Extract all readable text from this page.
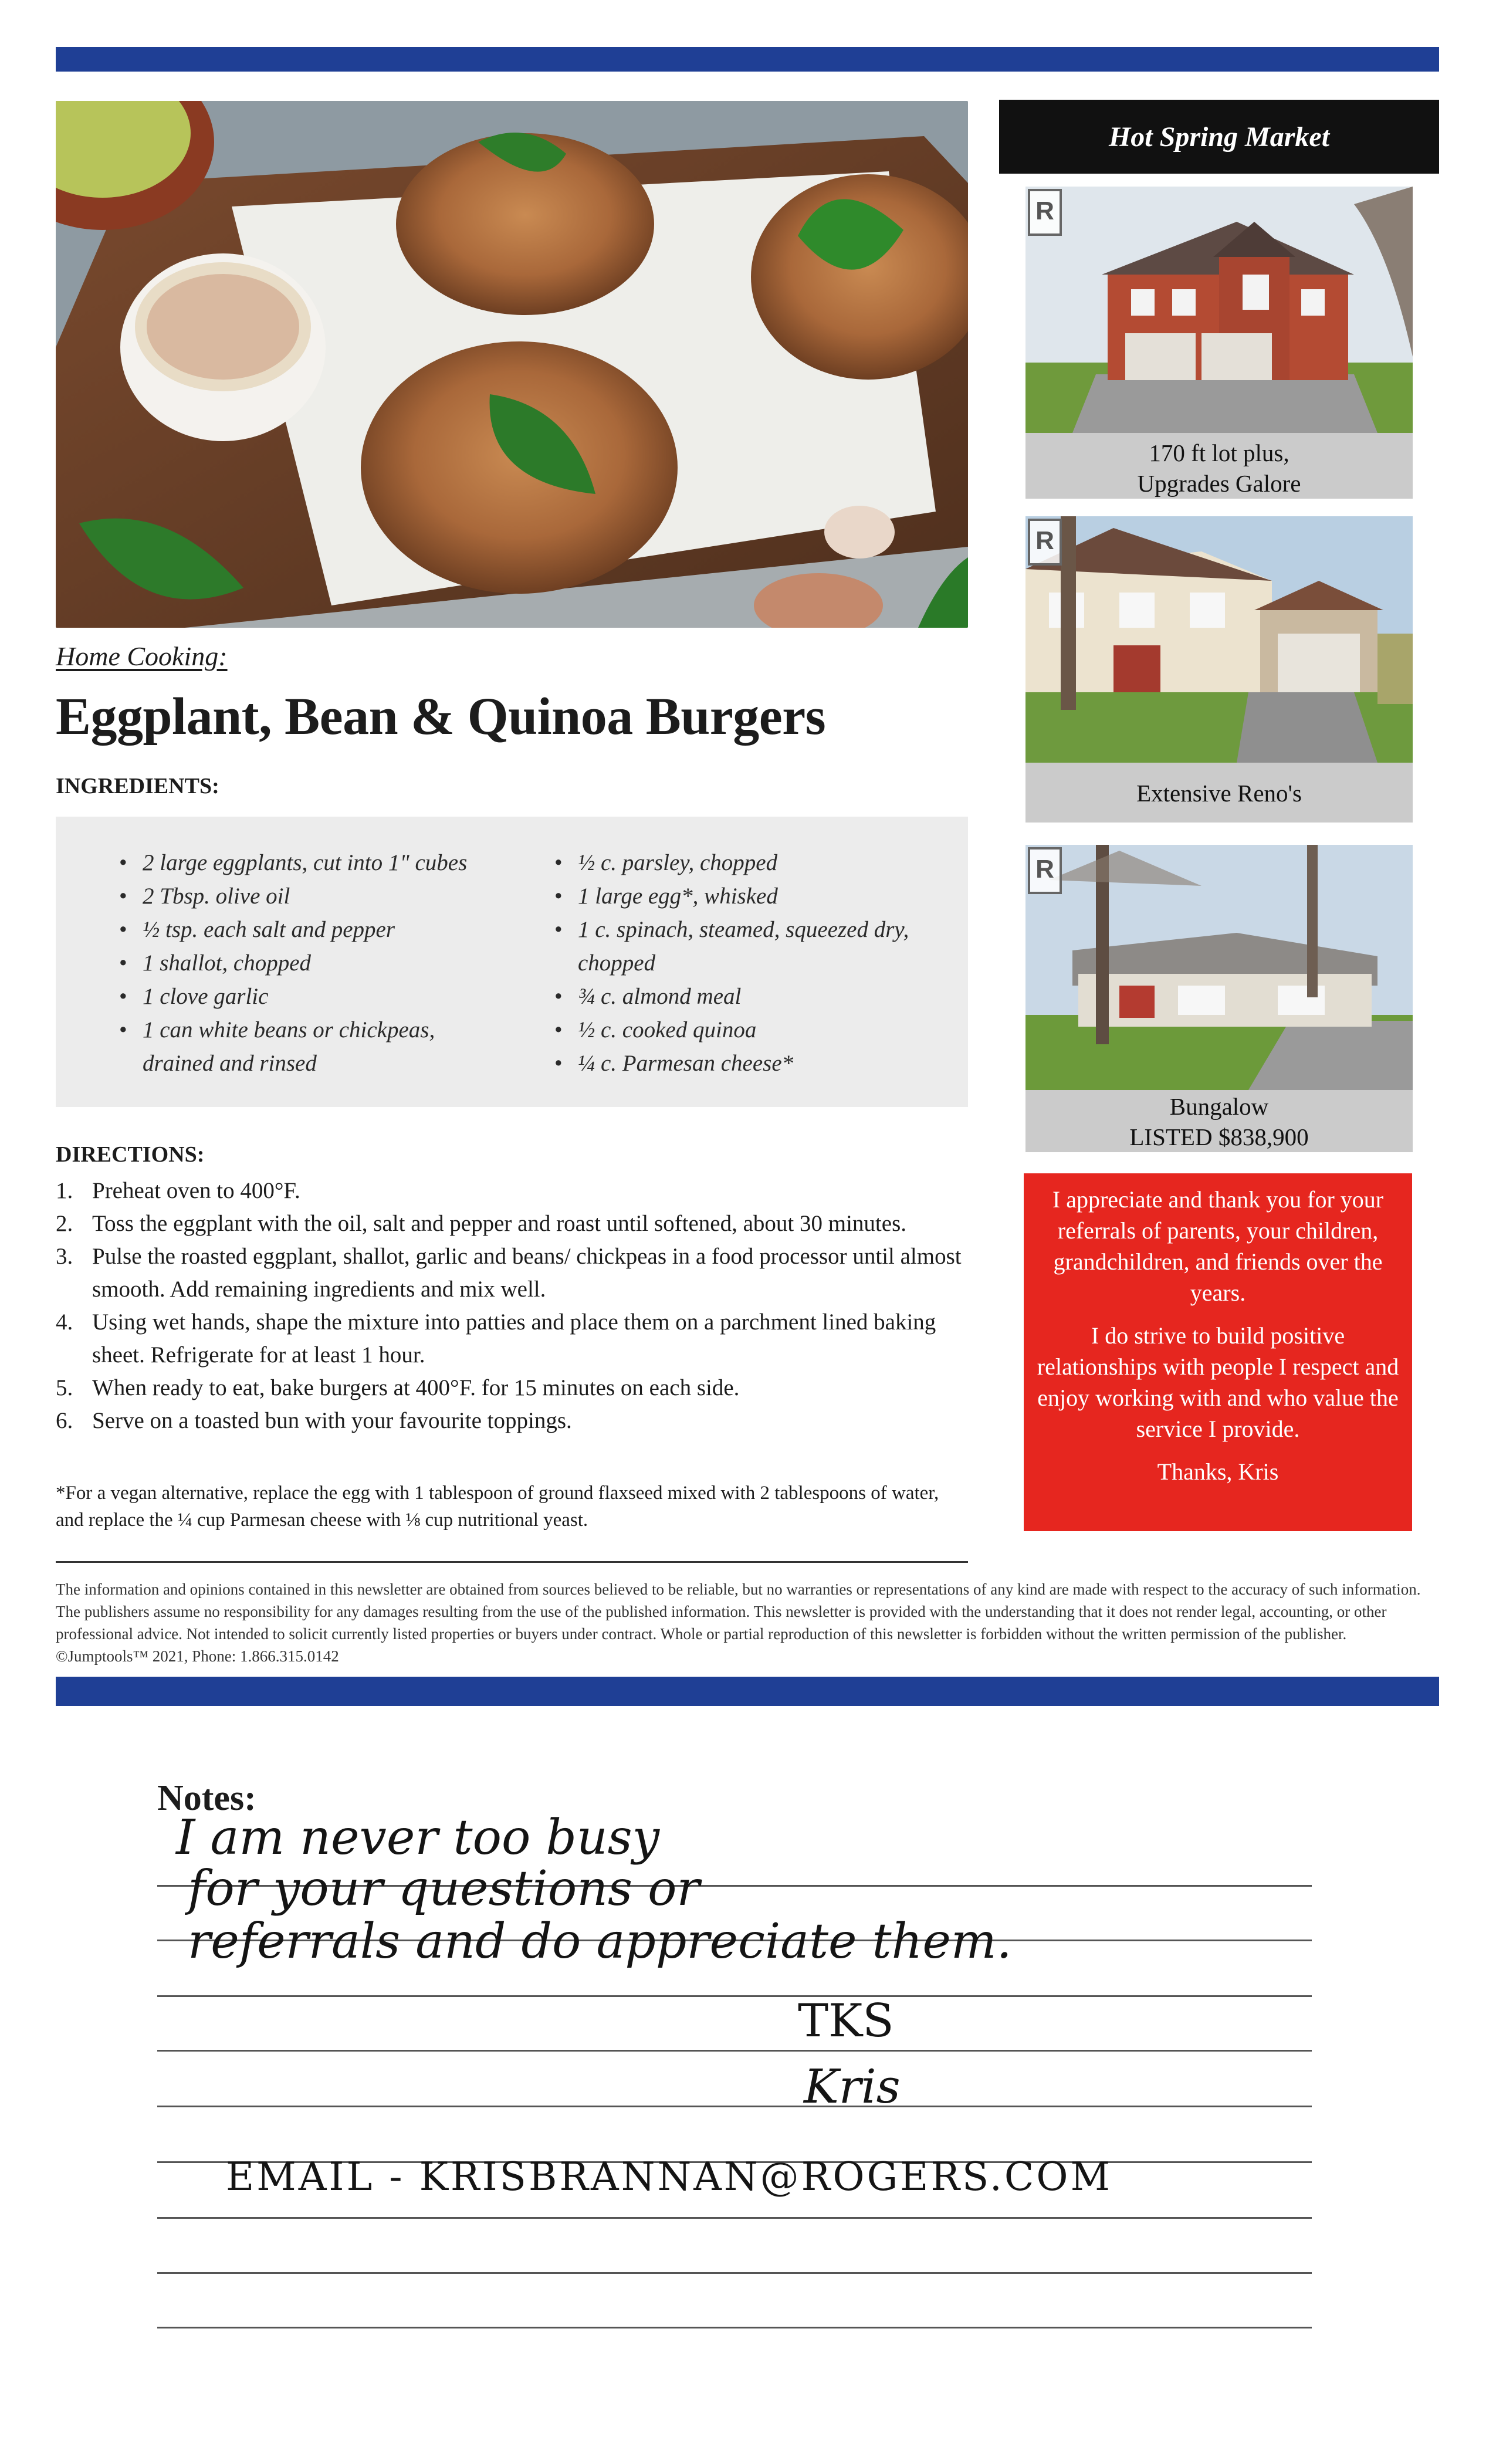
Home Cooking:
Eggplant, Bean & Quinoa Burgers
INGREDIENTS:
• 2 large eggplants, cut into 1" cubes
• 2 Tbsp. olive oil
• ½ tsp. each salt and pepper
• 1 shallot, chopped
• 1 clove garlic
• 1 can white beans or chickpeas, drained and rinsed
• ½ c. parsley, chopped
• 1 large egg*, whisked
• 1 c. spinach, steamed, squeezed dry, chopped
• ¾ c. almond meal
• ½ c. cooked quinoa
• ¼ c. Parmesan cheese*
DIRECTIONS:
1. Preheat oven to 400°F.
2. Toss the eggplant with the oil, salt and pepper and roast until softened, about 30 minutes.
3. Pulse the roasted eggplant, shallot, garlic and beans/ chickpeas in a food processor until almost smooth. Add remaining ingredients and mix well.
4. Using wet hands, shape the mixture into patties and place them on a parchment lined baking sheet. Refrigerate for at least 1 hour.
5. When ready to eat, bake burgers at 400°F. for 15 minutes on each side.
6. Serve on a toasted bun with your favourite toppings.

*For a vegan alternative, replace the egg with 1 tablespoon of ground flaxseed mixed with 2 tablespoons of water, and replace the ¼ cup Parmesan cheese with ⅛ cup nutritional yeast.

The information and opinions contained in this newsletter are obtained from sources believed to be reliable, but no warranties or representations of any kind are made with respect to the accuracy of such information. The publishers assume no responsibility for any damages resulting from the use of the published information. This newsletter is provided with the understanding that it does not render legal, accounting, or other professional advice. Not intended to solicit currently listed properties or buyers under contract. Whole or partial reproduction of this newsletter is forbidden without the written permission of the publisher. ©Jumptools™ 2021, Phone: 1.866.315.0142

Hot Spring Market
R
170 ft lot plus,
Upgrades Galore
R
Extensive Reno's
R
Bungalow
LISTED $838,900

I appreciate and thank you for your referrals of parents, your children, grandchildren, and friends over the years.

I do strive to build positive relationships with people I respect and enjoy working with and who value the service I provide.

Thanks, Kris

Notes:
I am never too busy
for your questions or
referrals and do appreciate them.
TKS
Kris
EMAIL - KRISBRANNAN@ROGERS.COM
